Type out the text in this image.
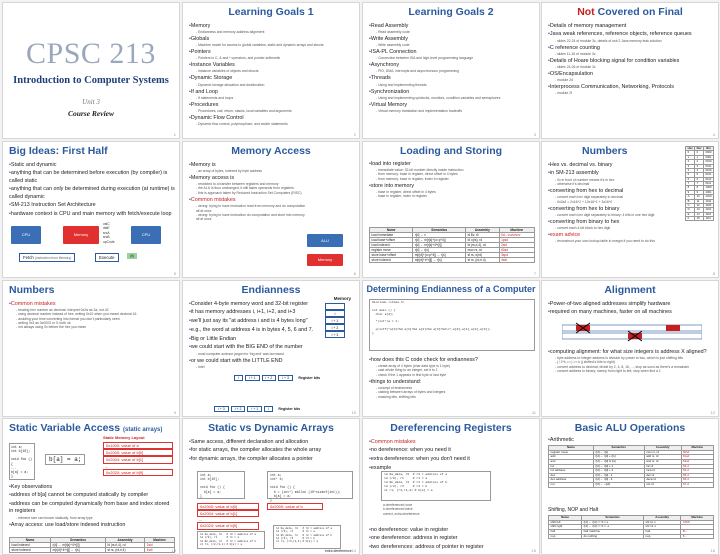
CPSC 213
Introduction to Computer Systems
Unit 3
Course Review
1
Learning Goals 1
• Memory
- Endianness and memory-address alignment
• Globals
- Machine model for access to global variables; static and dynamic arrays and structs
• Pointers
- Pointers in C, & and * operators, and pointer arithmetic
• Instance Variables
- Instance variables of objects and structs
• Dynamic Storage
- Dynamic storage allocation and deallocation
• If and Loop
- If statements and loops
• Procedures
- Procedures, call, return, stacks, local variables and arguments
• Dynamic Flow Control
- Dynamic flow control, polymorphism, and switch statements
2
Learning Goals 2
• Read Assembly
- Read assembly code
• Write Assembly
- Write assembly code
• ISA-PL Connection
- Connection between ISA and high-level programming language
• Asynchrony
- PIO, DMA, interrupts and asynchronous programming
• Threads
- Using and implementing threads
• Synchronization
- Using and implementing spinlocks, monitors, condition variables and semaphores
• Virtual Memory
- Virtual memory translation and implementation tradeoffs
3
Not Covered on Final
• Details of memory management
• Java weak references, reference objects, reference queues
- slides 22-24 of module 3c, details of usb 2 Java memory leak solution
• C reference counting
- slides 11-16 of module 3c
• Details of Hoare blocking signal for condition variables
- slides 24-26 of module 3c
• OS/Encapsulation
- module 2d
• Interprocess Communication, Networking, Protocols
- module 2f
4
Big Ideas: First Half
• Static and dynamic
• anything that can be determined before execution (by compiler) is called static
• anything that can only be determined during execution (at runtime) is called dynamic
• SM-213 Instruction Set Architecture
• hardware context is CPU and main memory with fetch/execute loop
CPU	Memory
valC
dstE
srcA
srcB
opCode
CPU
Fetch (instruction from Memory)	Execute	(it)
5
Memory Access
• Memory is
- an array of bytes, indexed by byte address
• Memory access is
- restricted to a transfer between registers and memory
- the ALU is thus unchanged, it still takes operands from registers
- this is approach taken by Reduced Instruction Set Computers (RISC)
• Common mistakes
- wrong: trying to have instruction read from memory and do computation all at once
- wrong: trying to have instruction do computation and store into memory all at once
ALU
Memory
6
Loading and Storing
• load into register
- immediate value: 32-bit number directly inside instruction
- from memory: base in register, direct offset in 4 bytes
- from memory: base in register, index in register
• store into memory
- base in register, direct offset in 4 bytes
- base in register, index in register
Name	Semantics	Assembly	Machine
load immediate	r[d] ← v	ld $v, r0	0d-- vvvvvvvv
load base+offset	r[d] ← m[r[s]+(o=p*4)]	ld o(rs), rd	1psd
load indexed	r[d] ← m[r[s]+4*r[i]]	ld (rs,ri,4), rd	2sid
register move	r[d] ← r[s]	mov rs, rd	60sd
store base+offset	m[r[d]+(o=p*4)] ← r[s]	st rs, o(rd)	3spd
store indexed	m[r[d]+4*r[i]] ← r[s]	st rs, (rd,ri,4)	4sdi
7
Numbers
• Hex vs. decimal vs. binary
• in SM-213 assembly
- 0x in front of number means it's in hex
- otherwise it's decimal
• converting from hex to decimal
- convert each hex digit separately to decimal
- 0x2a3 = 2x16^2 + 10x16^1 + 3x16^0
• converting from hex to binary
- convert each hex digit separately to binary: 4 bits in one hex digit
• converting from binary to hex
- convert each 4-bit block to hex digit
• exam advice
- reconstruct your own lookup table in margin if you need to do this
Hex	Dec	Bin
0	0	0000
1	1	0001
2	2	0010
3	3	0011
4	4	0100
5	5	0101
6	6	0110
7	7	0111
8	8	1000
9	9	1001
A	10	1010
B	11	1011
C	12	1100
D	13	1101
E	14	1110
F	15	1111
8
Numbers
• Common mistakes
- treating hex number as decimal: interpret 0x2a as 2a, not 42
- using decimal number instead of hex: writing 0x10 when you meant decimal 16
- avoiding your time converting into format you don't particularly need
- writing 0x3 as 0x0003 or 3; both ok
- not always using 0x before the hex you mean
9
Endianness
Memory
i
i + 1
i + 2
i + 3
• Consider 4-byte memory word and 32-bit register
• it has memory addresses i, i+1, i+2, and i+3
• we'll just say its "at address i and is 4 bytes long"
• e.g., the word at address 4 is in bytes 4, 5, 6 and 7.
• Big or Little Endian
• we could start with the BIG END of the number
- most computer-science jargon for 'big end' was borrowed
• or we could start with the LITTLE END
- Intel
i	i + 1	i + 2	i + 3	Register bits
i + 3	i + 2	i + 1	i	Register bits
10
Determining Endianness of a Computer
#include <stdio.h>

int main () {
char a[4];

*(int*)a = 1;

printf("a[0]=%d a[1]=%d a[2]=%d a[3]=%d\n",a[0],a[1],a[2],a[3]);
}
• how does this C code check for endianness?
- create array of 4 bytes (char data type is 1 byte)
- cast whole thing to an integer, set it to 1
- check if the 1 appears in first byte or last byte
• things to understand:
- concept of endianness
- casting between arrays of bytes and integers
- masking bits, shifting bits
11
Alignment
• Power-of-two aligned addresses simplify hardware
• required on many machines, faster on all machines
• computing alignment: for what size integers is address X aligned?
- byte address to integer address is division by power to two, which is just shifting bits
- j / 2^k == j >> k (j shifted k bits to right)
- convert address to decimal; divide by 2, 4, 8, 16, ...; stop as soon as there's a remainder
- convert address to binary; sweep from right to left, stop when find a 1
12
Static Variable Access (static arrays)
Static Memory Layout
int a;
int b[10];

void foo () {
...
b[a] = a;
}
b[a] = a;
0x1000: value of a
0x2000: value of b[0]
0x2004: value of b[1]
...
0x2020: value of b[9]
• Key observations
• address of b[a] cannot be computed statically by compiler
• address can be computed dynamically from base and index stored in registers
- element size can known statically, from array type
• Array access: use load/store indexed instruction
Name	Semantics	Assembly	Machine
load indexed	r[d] ← m[r[s]+4*r[i]]	ld (rs,ri,4), rd	2sid
store indexed	m[r[d]+4*r[i]] ← r[s]	st rs, (rd,ri,4)	4sdi	13
Static vs Dynamic Arrays
• Same access, different declaration and allocation
• for static arrays, the compiler allocates the whole array
• for dynamic arrays, the compiler allocates a pointer
int a;
int b[10];

void foo () {
b[a] = a;
}
int a;
int* b;

void foo () {
b = (int*) malloc (10*sizeof(int));
b[a] = a;
}
0x2000: value of b[0]
0x2004: value of b[1]
...
0x2024: value of b[9]
0x2000: value of b
ld $a_data, r0   # r0 = address of a
ld (r0), r1      # r1 = a
ld $b_data, r2   # r2 = address of b
st r1, (r2,r1,4) # b[a] = a
ld $a_data, r0   # r0 = address of a
ld (r0), r1      # r1 = a
ld $b_data, r2   # r2 = address of b
ld (r2), r3      # r3 = b
st r1, (r3,r1,4) # b[a] = a
extra dereference 14
Dereferencing Registers
• Common mistakes
• no dereference: when you need it
• extra dereference: when you don't need it
• example
ld $a_data, r0  # r0 = address of a
ld (r0), r1     # r1 = a
ld $b_data, r2  # r2 = address of b
ld (r2), r3     # r3 = b
st r1, (r3,r1,4) # b[a] = a
a dereferenced once
b dereferenced twice
correct, extra dereference
• no dereference: value in register
• one dereference: address in register
• two dereferences: address of pointer in register
15
Basic ALU Operations
• Arithmetic
Name	Semantics	Assembly	Machine
register move	r[d] ← r[s]	mov rs, rd	60sd
add	r[d] ← r[d] + r[s]	add rs, rd	61sd
and	r[d] ← r[d] & r[s]	and rs, rd	62sd
inc	r[d] ← r[d] + 1	inc rd	63-d
inc address	r[d] ← r[d] + 4	inca rd	64-d
dec	r[d] ← r[d] - 1	dec rd	65-d
dec address	r[d] ← r[d] - 4	deca rd	66-d
not	r[d] ← ~r[d]	not rd	67-d
Shifting, NOP and Halt
Name	Semantics	Assembly	Machine
shift left	r[d] ← r[d] << S = s	shl rd, s	7dSS
shift right	r[d] ← r[d] >> S = -s	shr rd, s	
halt	halt machine	halt	f0--
nop	do nothing	nop	ff--
16
